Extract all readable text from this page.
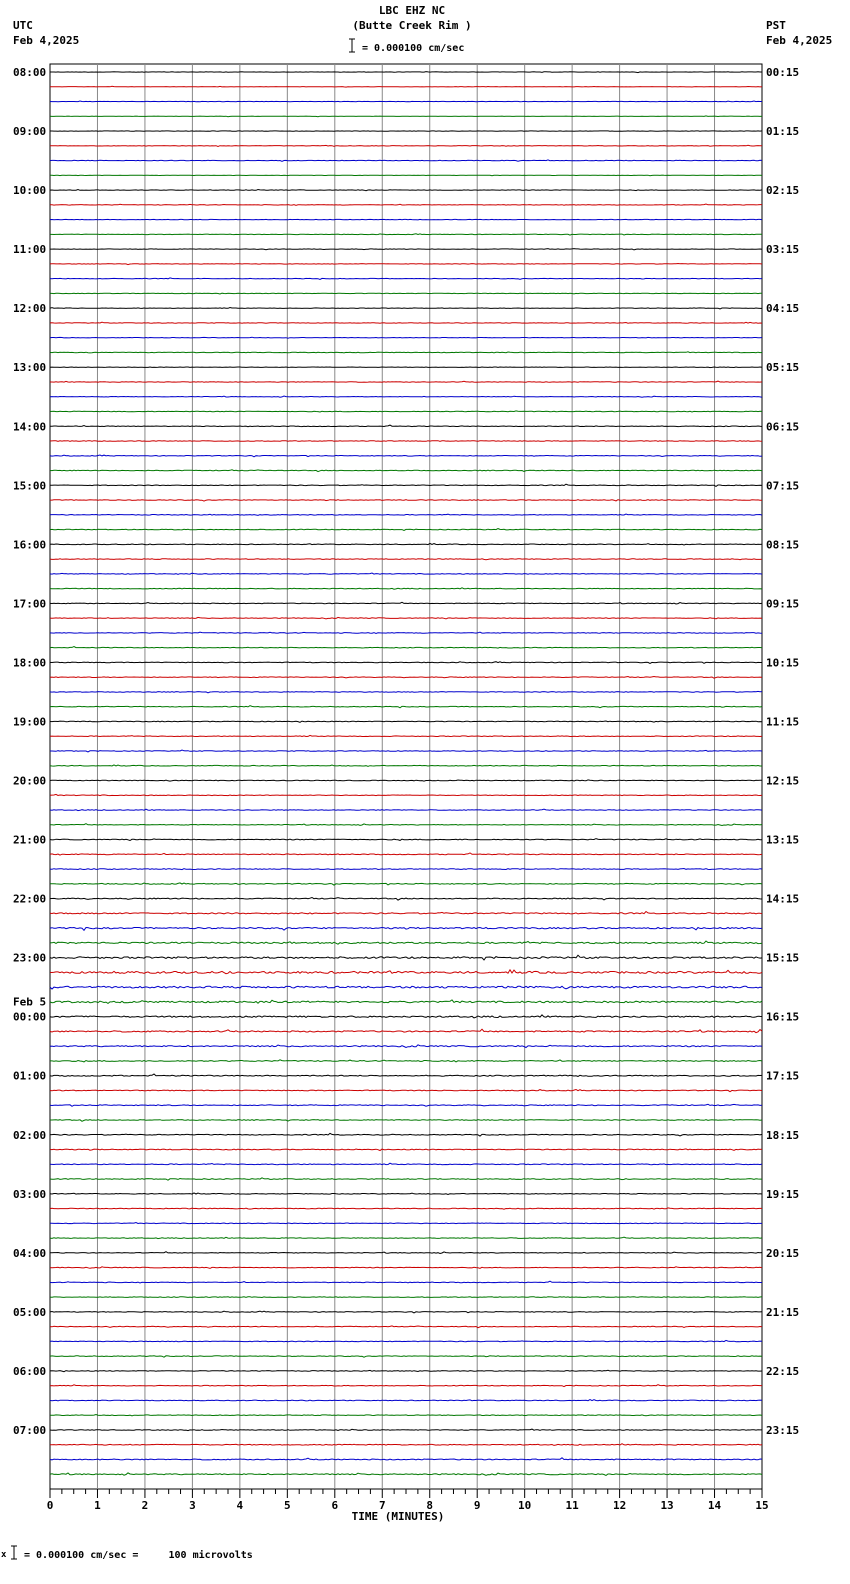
UTC
Feb 4,2025
PST
Feb 4,2025
LBC EHZ NC
(Butte Creek Rim )
= 0.000100 cm/sec
08:00	00:15
09:00	01:15
10:00	02:15
11:00	03:15
12:00	04:15
13:00	05:15
14:00	06:15
15:00	07:15
16:00	08:15
17:00	09:15
18:00	10:15
19:00	11:15
20:00	12:15
21:00	13:15
22:00	14:15
23:00	15:15
00:00	16:15
Feb 5
01:00	17:15
02:00	18:15
03:00	19:15
04:00	20:15
05:00	21:15
06:00	22:15
07:00	23:15
0	1	2	3	4	5	6	7	8	9	10	11	12	13	14	15
TIME (MINUTES)
x = 0.000100 cm/sec =     100 microvolts
